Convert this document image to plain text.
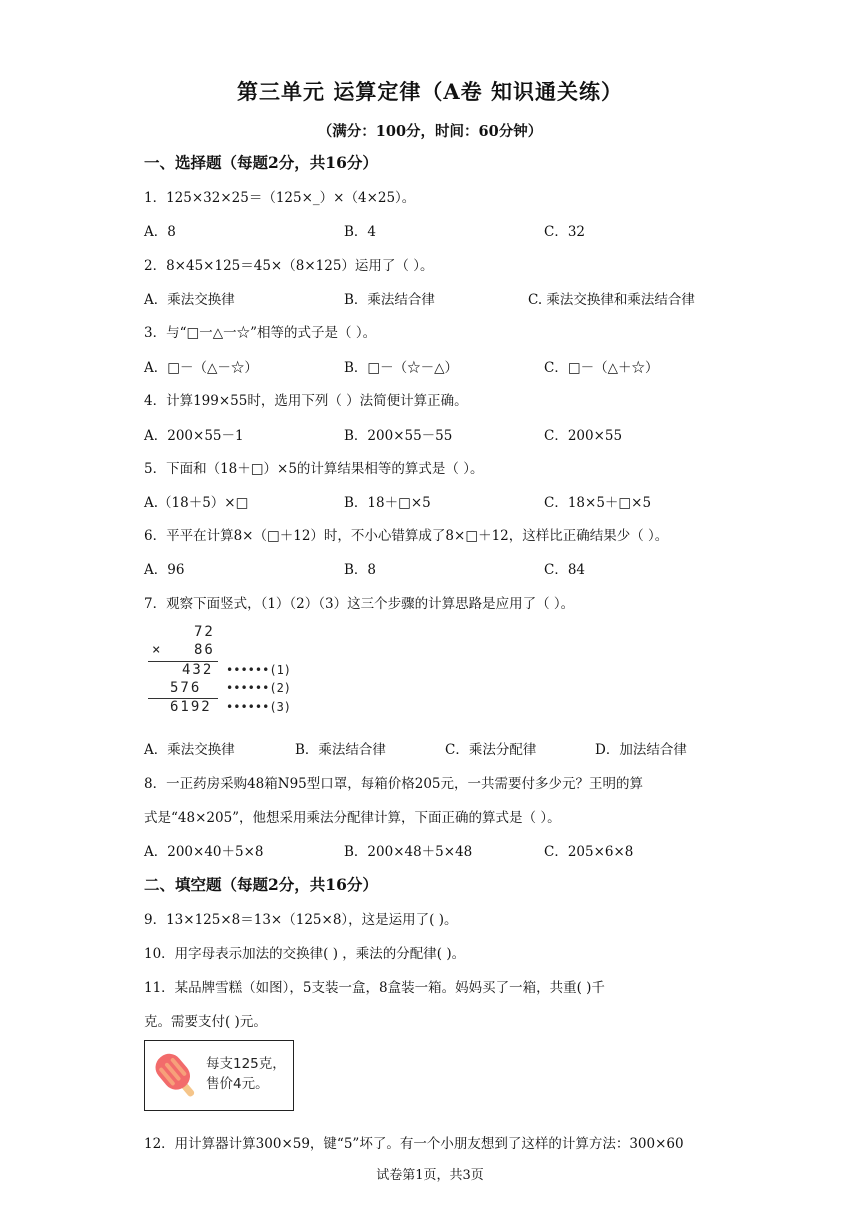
第三单元 运算定律（A卷 知识通关练）
（满分：100分，时间：60分钟）
一、选择题（每题2分，共16分）
1．125×32×25＝（125×_）×（4×25）。
A．8	B．4	C．32
2．8×45×125＝45×（8×125）运用了（ ）。
A．乘法交换律	B．乘法结合律	C. 乘法交换律和乘法结合律
3．与“□一△一☆”相等的式子是（ ）。
A．□－（△－☆）	B．□－（☆－△）	C．□－（△＋☆）
4．计算199×55时，选用下列（ ）法简便计算正确。
A．200×55－1	B．200×55－55	C．200×55
5．下面和（18＋□）×5的计算结果相等的算式是（ ）。
A.（18＋5）×□	B．18＋□×5	C．18×5＋□×5
6．平平在计算8×（□＋12）时，不小心错算成了8×□＋12，这样比正确结果少（ ）。
A．96	B．8	C．84
7．观察下面竖式，（1）（2）（3）这三个步骤的计算思路是应用了（ ）。
72
× 86
432 ••••••(1)
576 ••••••(2)
6192 ••••••(3)
A．乘法交换律	B．乘法结合律	C．乘法分配律	D．加法结合律
8．一正药房采购48箱N95型口罩，每箱价格205元，一共需要付多少元？王明的算
式是“48×205”，他想采用乘法分配律计算，下面正确的算式是（ ）。
A．200×40＋5×8	B．200×48＋5×48	C．205×6×8
二、填空题（每题2分，共16分）
9．13×125×8＝13×（125×8），这是运用了( )。
10．用字母表示加法的交换律( ) ，乘法的分配律( )。
11．某品牌雪糕（如图），5支装一盒，8盒装一箱。妈妈买了一箱，共重( )千
克。需要支付( )元。
每支125克，
售价4元。
12．用计算器计算300×59，键“5”坏了。有一个小朋友想到了这样的计算方法：300×60
试卷第1页，共3页
